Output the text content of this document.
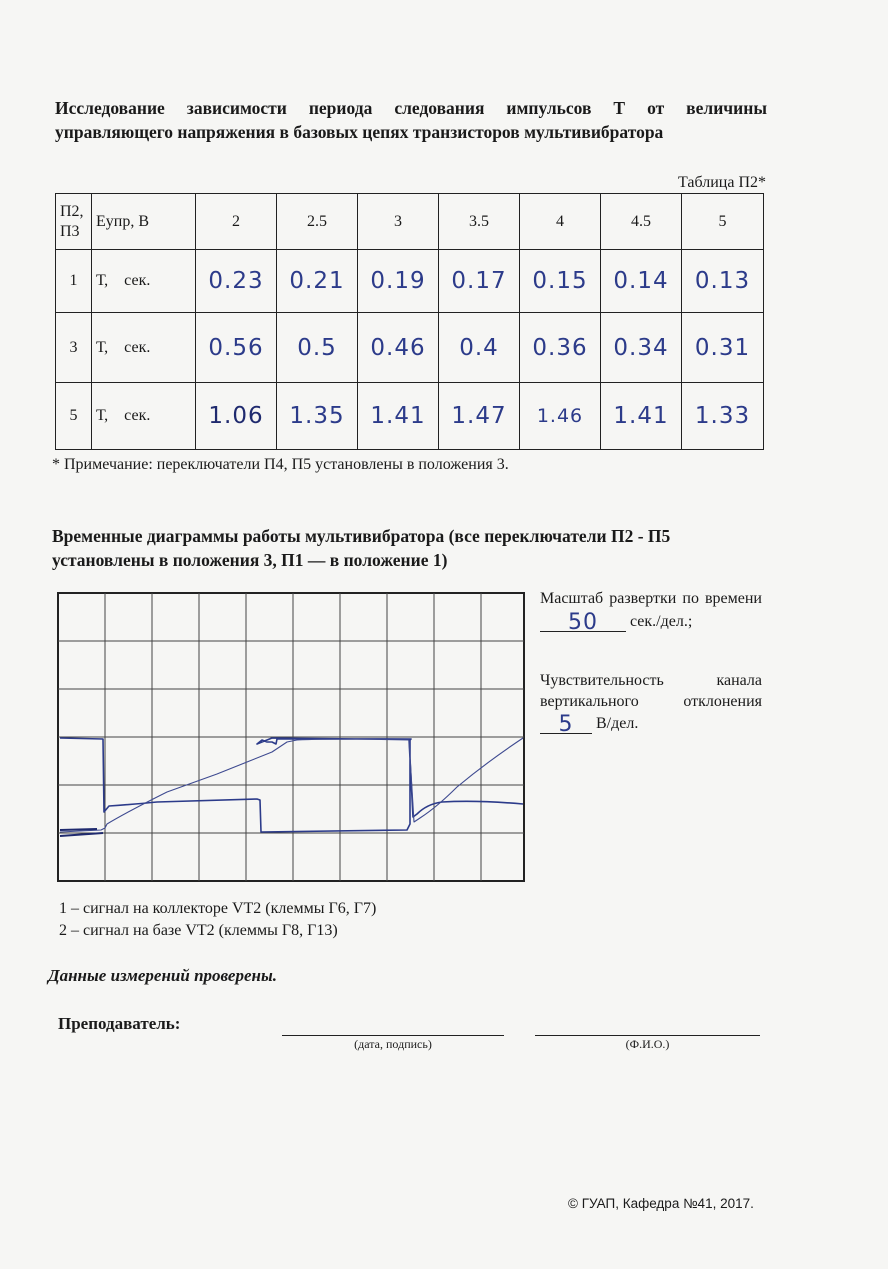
Исследование зависимости периода следования импульсов Т от величины
управляющего напряжения в базовых цепях транзисторов мультивибратора
Таблица П2*
П2, П3	Еупр, В	2	2.5	3	3.5	4	4.5	5
1	Т,    сек.	0.23	0.21	0.19	0.17	0.15	0.14	0.13
3	Т,    сек.	0.56	0.5	0.46	0.4	0.36	0.34	0.31
5	Т,    сек.	1.06	1.35	1.41	1.47	1.46	1.41	1.33
* Примечание: переключатели П4, П5 установлены в положения 3.
Временные диаграммы работы мультивибратора (все переключатели П2 - П5 установлены в положения 3, П1 — в положение 1)
Масштаб развертки по времени
50	сек./дел.;
Чувствительность канала вертикального отклонения
5	В/дел.
1 – сигнал на коллекторе VT2 (клеммы Г6, Г7)
2 – сигнал на базе VT2 (клеммы Г8, Г13)
Данные измерений проверены.
Преподаватель:
(дата, подпись)	(Ф.И.О.)
© ГУАП, Кафедра №41, 2017.
